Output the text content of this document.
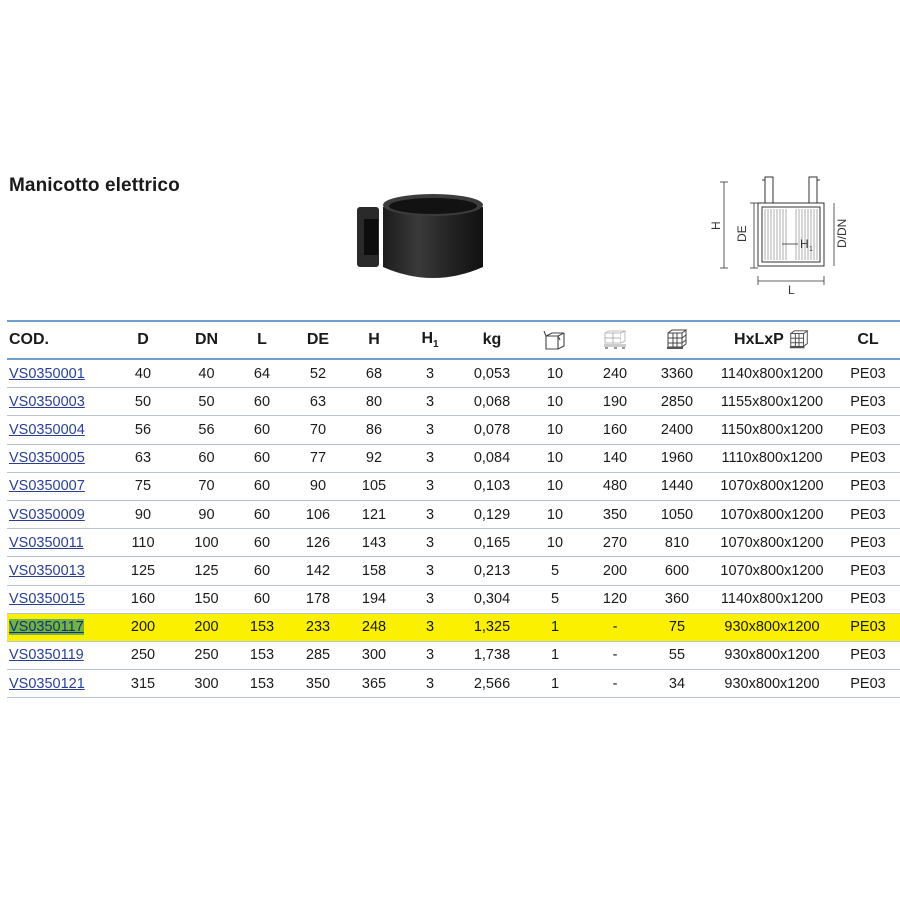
Manicotto elettrico
H DE
H 1
D/DN
L
COD.	D	DN	L	DE	H	$H_1$	kg				HxLxP	CL
VS0350001	40	40	64	52	68	3	0,053	10	240	3360	1140x800x1200	PE03
VS0350003	50	50	60	63	80	3	0,068	10	190	2850	1155x800x1200	PE03
VS0350004	56	56	60	70	86	3	0,078	10	160	2400	1150x800x1200	PE03
VS0350005	63	60	60	77	92	3	0,084	10	140	1960	1110x800x1200	PE03
VS0350007	75	70	60	90	105	3	0,103	10	480	1440	1070x800x1200	PE03
VS0350009	90	90	60	106	121	3	0,129	10	350	1050	1070x800x1200	PE03
VS0350011	110	100	60	126	143	3	0,165	10	270	810	1070x800x1200	PE03
VS0350013	125	125	60	142	158	3	0,213	5	200	600	1070x800x1200	PE03
VS0350015	160	150	60	178	194	3	0,304	5	120	360	1140x800x1200	PE03
VS0350117	200	200	153	233	248	3	1,325	1	-	75	930x800x1200	PE03
VS0350119	250	250	153	285	300	3	1,738	1	-	55	930x800x1200	PE03
VS0350121	315	300	153	350	365	3	2,566	1	-	34	930x800x1200	PE03
